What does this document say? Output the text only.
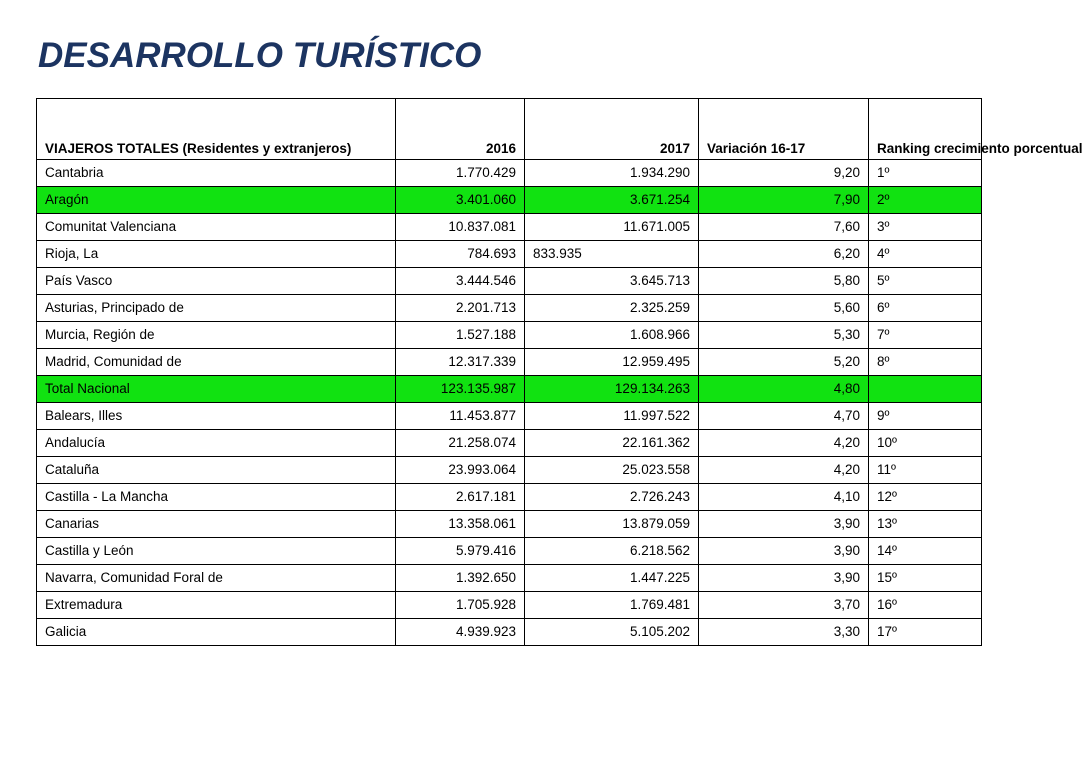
DESARROLLO TURÍSTICO
VIAJEROS TOTALES (Residentes y extranjeros)	2016	2017	Variación 16-17	Ranking crecimiento porcentual
Cantabria	1.770.429	1.934.290	9,20	1º
Aragón	3.401.060	3.671.254	7,90	2º
Comunitat Valenciana	10.837.081	11.671.005	7,60	3º
Rioja, La	784.693	833.935	6,20	4º
País Vasco	3.444.546	3.645.713	5,80	5º
Asturias, Principado de	2.201.713	2.325.259	5,60	6º
Murcia, Región de	1.527.188	1.608.966	5,30	7º
Madrid, Comunidad de	12.317.339	12.959.495	5,20	8º
Total Nacional	123.135.987	129.134.263	4,80	
Balears, Illes	11.453.877	11.997.522	4,70	9º
Andalucía	21.258.074	22.161.362	4,20	10º
Cataluña	23.993.064	25.023.558	4,20	11º
Castilla - La Mancha	2.617.181	2.726.243	4,10	12º
Canarias	13.358.061	13.879.059	3,90	13º
Castilla y León	5.979.416	6.218.562	3,90	14º
Navarra, Comunidad Foral de	1.392.650	1.447.225	3,90	15º
Extremadura	1.705.928	1.769.481	3,70	16º
Galicia	4.939.923	5.105.202	3,30	17º
